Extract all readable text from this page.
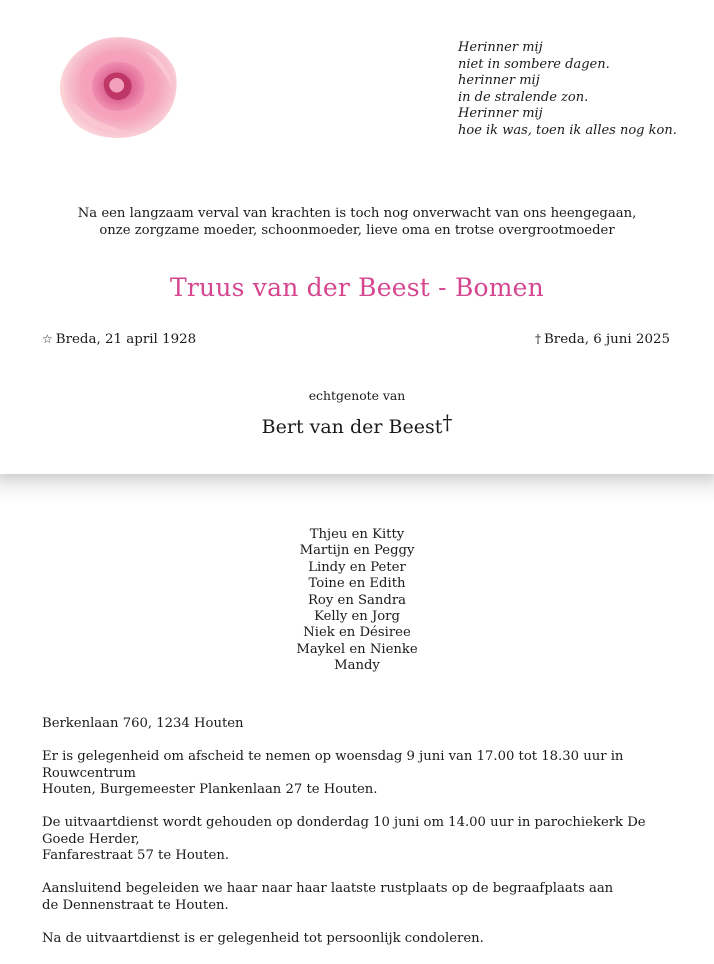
Herinner mij
niet in sombere dagen.
herinner mij
in de stralende zon.
Herinner mij
hoe ik was, toen ik alles nog kon.
Na een langzaam verval van krachten is toch nog onverwacht van ons heengegaan,
onze zorgzame moeder, schoonmoeder, lieve oma en trotse overgrootmoeder
Truus van der Beest - Bomen
☆ Breda, 21 april 1928	† Breda, 6 juni 2025
echtgenote van
Bert van der Beest†
Thjeu en Kitty
Martijn en Peggy
Lindy en Peter
Toine en Edith
Roy en Sandra
Kelly en Jorg
Niek en Désiree
Maykel en Nienke
Mandy

Berkenlaan 760, 1234 Houten

Er is gelegenheid om afscheid te nemen op woensdag 9 juni van 17.00 tot 18.30 uur in Rouwcentrum
Houten, Burgemeester Plankenlaan 27 te Houten.

De uitvaartdienst wordt gehouden op donderdag 10 juni om 14.00 uur in parochiekerk De Goede Herder,
Fanfarestraat 57 te Houten.

Aansluitend begeleiden we haar naar haar laatste rustplaats op de begraafplaats aan
de Dennenstraat te Houten.

Na de uitvaartdienst is er gelegenheid tot persoonlijk condoleren.
